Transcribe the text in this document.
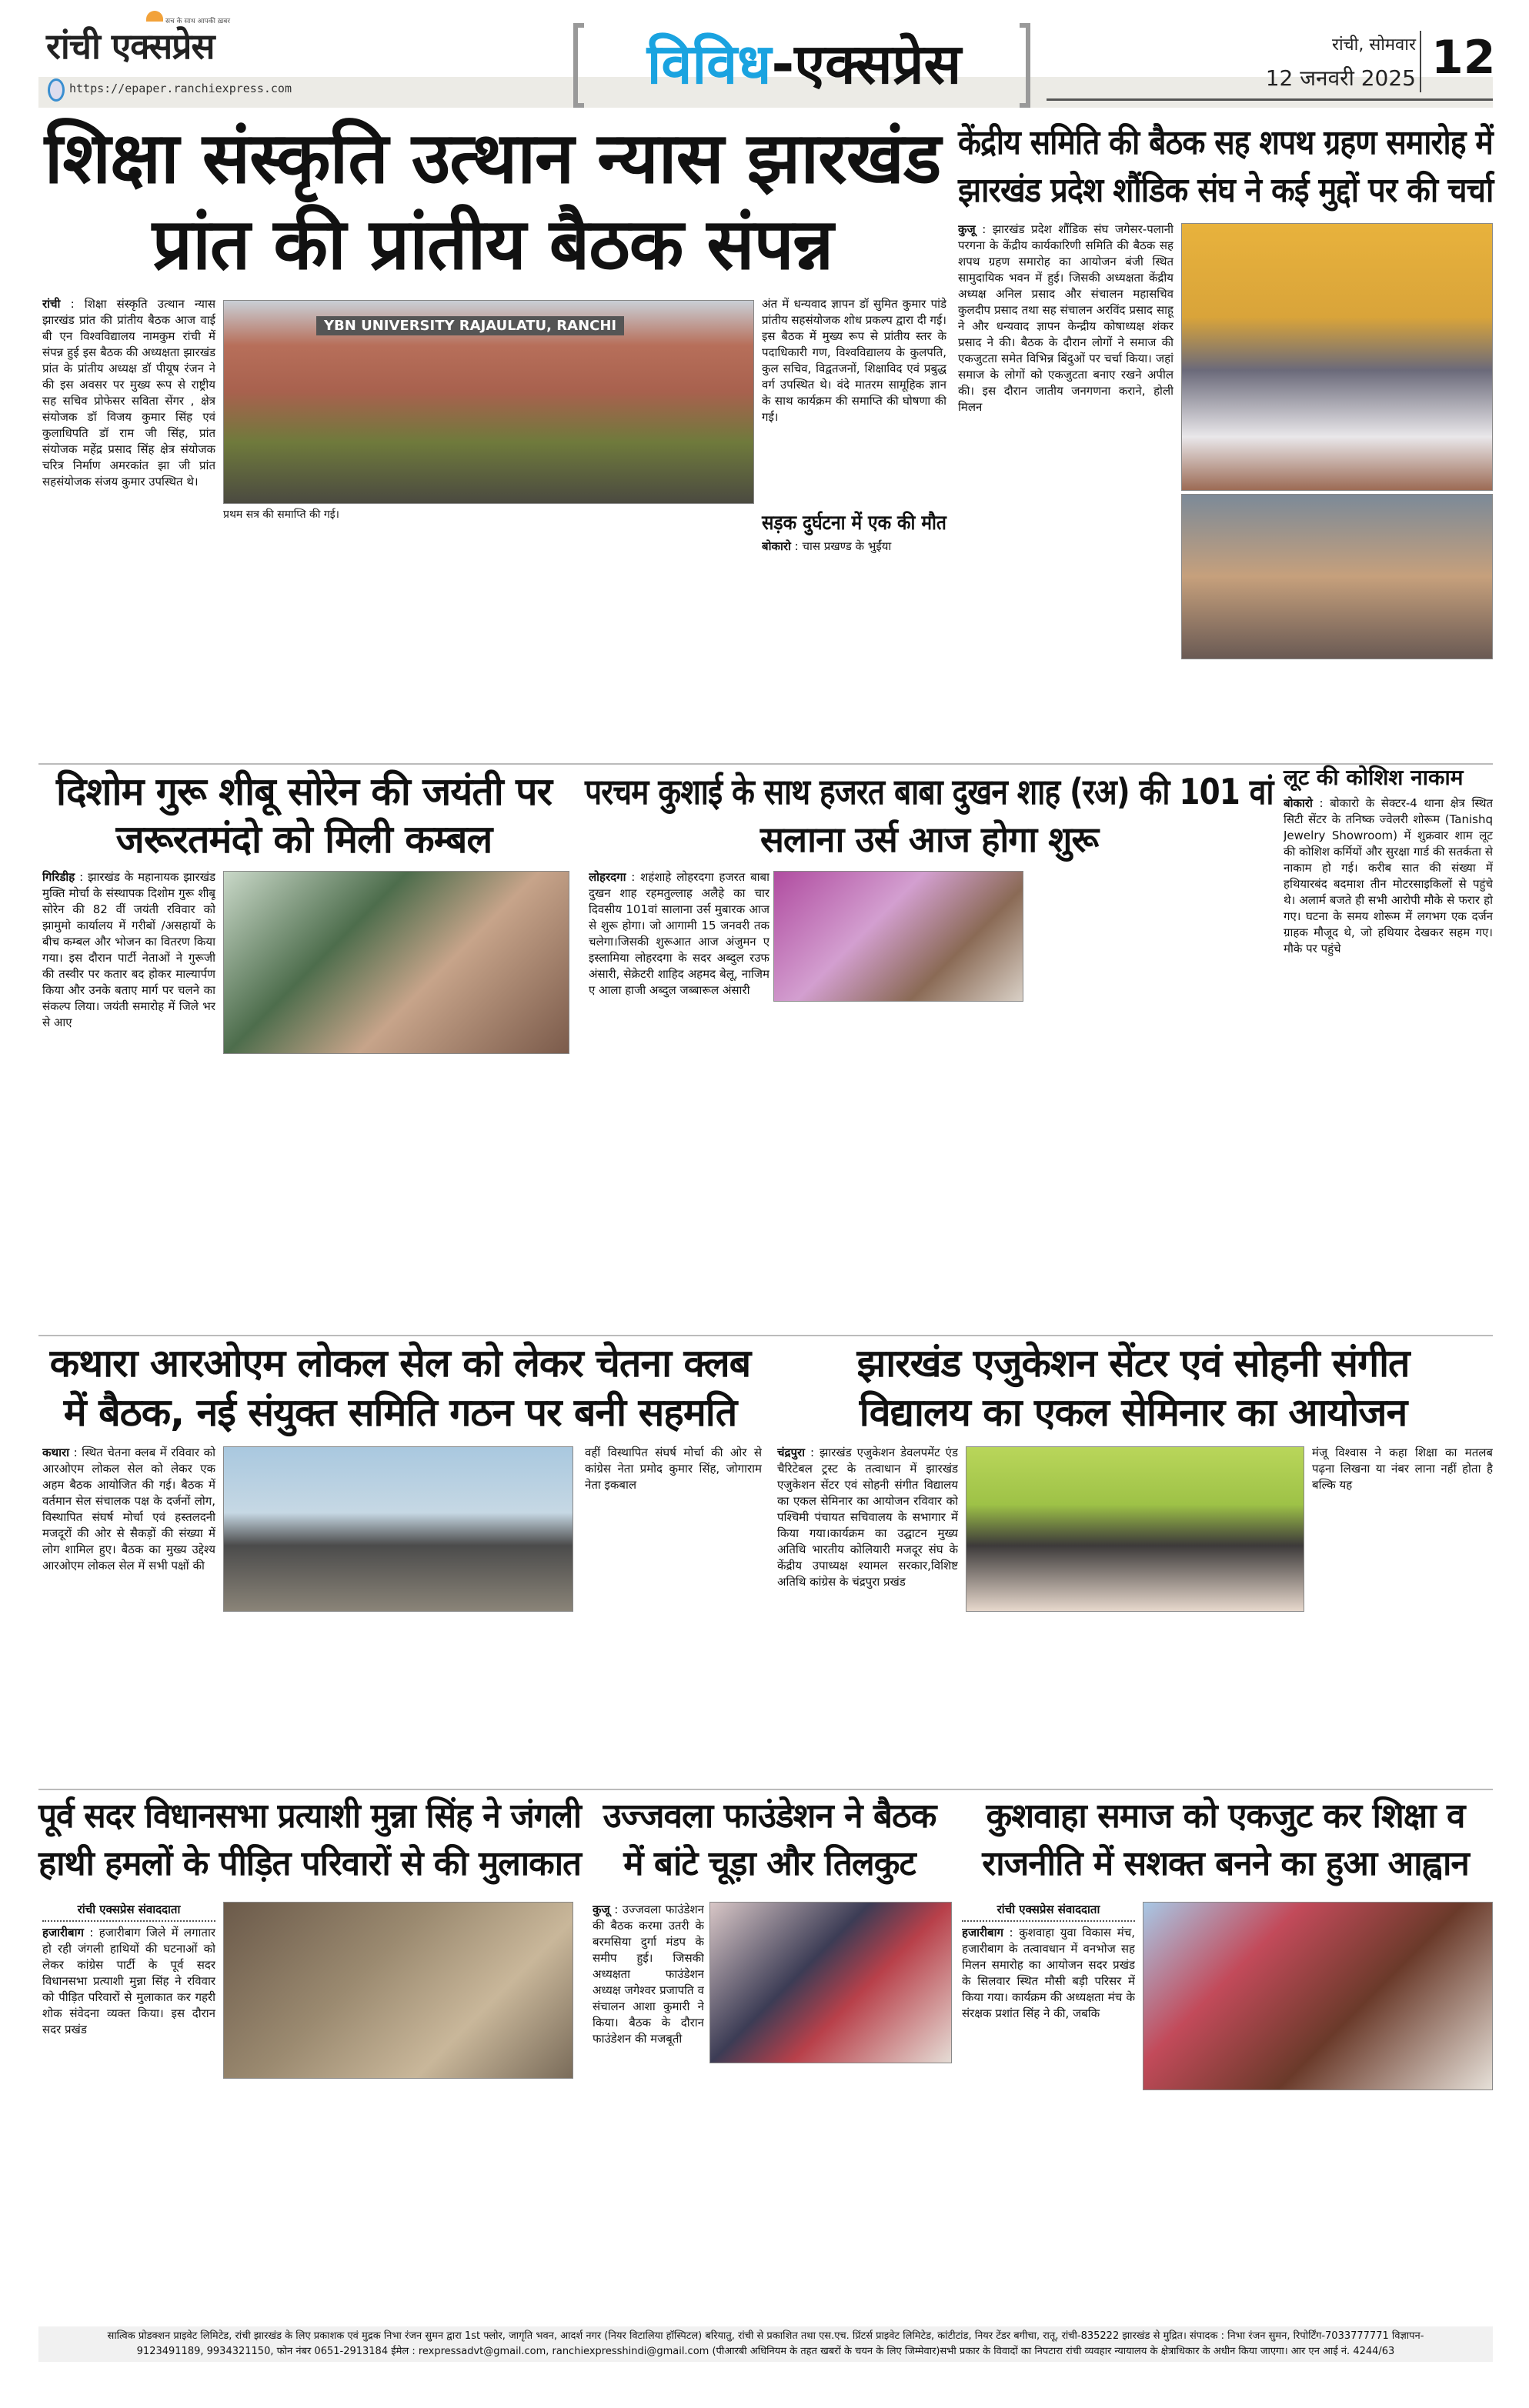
सच के साथ आपकी ख़बर
रांची एक्सप्रेस
https://epaper.ranchiexpress.com	विविध-एक्सप्रेस	रांची, सोमवार
12 जनवरी 2025 12
शिक्षा संस्कृति उत्थान न्यास झारखंड
प्रांत की प्रांतीय बैठक संपन्न
रांची : शिक्षा संस्कृति उत्थान न्यास झारखंड प्रांत की प्रांतीय बैठक आज वाई बी एन विश्वविद्यालय नामकुम रांची में संपन्न हुई इस बैठक की अध्यक्षता झारखंड प्रांत के प्रांतीय अध्यक्ष डॉ पीयूष रंजन ने की इस अवसर पर मुख्य रूप से राष्ट्रीय सह सचिव प्रोफेसर सविता सेंगर , क्षेत्र संयोजक डॉ विजय कुमार सिंह एवं कुलाधिपति डॉ राम जी सिंह, प्रांत संयोजक महेंद्र प्रसाद सिंह क्षेत्र संयोजक चरित्र निर्माण अमरकांत झा जी प्रांत सहसंयोजक संजय कुमार उपस्थित थे।
YBN UNIVERSITY RAJAULATU, RANCHI
प्रथम सत्र की समाप्ति की गई।
अंत में धन्यवाद ज्ञापन डॉ सुमित कुमार पांडे प्रांतीय सहसंयोजक शोध प्रकल्प द्वारा दी गई। इस बैठक में मुख्य रूप से प्रांतीय स्तर के पदाधिकारी गण, विश्वविद्यालय के कुलपति, कुल सचिव, विद्वतजनों, शिक्षाविद एवं प्रबुद्ध वर्ग उपस्थित थे। वंदे मातरम सामूहिक ज्ञान के साथ कार्यक्रम की समाप्ति की घोषणा की गई।
सड़क दुर्घटना में एक की मौत
बोकारो : चास प्रखण्ड के भुईंया
केंद्रीय समिति की बैठक सह शपथ ग्रहण समारोह में
झारखंड प्रदेश शौंडिक संघ ने कई मुद्दों पर की चर्चा
कुजू : झारखंड प्रदेश शौंडिक संघ जगेसर-पलानी परगना के केंद्रीय कार्यकारिणी समिति की बैठक सह शपथ ग्रहण समारोह का आयोजन बंजी स्थित सामुदायिक भवन में हुई। जिसकी अध्यक्षता केंद्रीय अध्यक्ष अनिल प्रसाद और संचालन महासचिव कुलदीप प्रसाद तथा सह संचालन अरविंद प्रसाद साहू ने और धन्यवाद ज्ञापन केन्द्रीय कोषाध्यक्ष शंकर प्रसाद ने की। बैठक के दौरान लोगों ने समाज की एकजुटता समेत विभिन्न बिंदुओं पर चर्चा किया। जहां समाज के लोगों को एकजुटता बनाए रखने अपील की। इस दौरान जातीय जनगणना कराने, होली मिलन
दिशोम गुरू शीबू सोरेन की जयंती पर
जरूरतमंदो को मिली कम्बल
गिरिडीह : झारखंड के महानायक झारखंड मुक्ति मोर्चा के संस्थापक दिशोम गुरू शीबू सोरेन की 82 वीं जयंती रविवार को झामुमो कार्यालय में गरीबों /असहायों के बीच कम्बल और भोजन का वितरण किया गया। इस दौरान पार्टी नेताओं ने गुरूजी की तस्वीर पर कतार बद होकर माल्यार्पण किया और उनके बताए मार्ग पर चलने का संकल्प लिया। जयंती समारोह में जिले भर से आए
परचम कुशाई के साथ हजरत बाबा दुखन शाह (रअ) की 101 वां
सलाना उर्स आज होगा शुरू
लोहरदगा : शहंशाहे लोहरदगा हजरत बाबा दुखन शाह रहमतुल्लाह अलैहे का चार दिवसीय 101वां सालाना उर्स मुबारक आज से शुरू होगा। जो आगामी 15 जनवरी तक चलेगा।जिसकी शुरूआत आज अंजुमन ए इस्लामिया लोहरदगा के सदर अब्दुल रउफ अंसारी, सेक्रेटरी शाहिद अहमद बेलू, नाजिम ए आला हाजी अब्दुल जब्बारूल अंसारी
लूट की कोशिश नाकाम
बोकारो : बोकारो के सेक्टर-4 थाना क्षेत्र स्थित सिटी सेंटर के तनिष्क ज्वेलरी शोरूम (Tanishq Jewelry Showroom) में शुक्रवार शाम लूट की कोशिश कर्मियों और सुरक्षा गार्ड की सतर्कता से नाकाम हो गई। करीब सात की संख्या में हथियारबंद बदमाश तीन मोटरसाइकिलों से पहुंचे थे। अलार्म बजते ही सभी आरोपी मौके से फरार हो गए। घटना के समय शोरूम में लगभग एक दर्जन ग्राहक मौजूद थे, जो हथियार देखकर सहम गए।मौके पर पहुंचे
कथारा आरओएम लोकल सेल को लेकर चेतना क्लब
में बैठक, नई संयुक्त समिति गठन पर बनी सहमति
कथारा : स्थित चेतना क्लब में रविवार को आरओएम लोकल सेल को लेकर एक अहम बैठक आयोजित की गई। बैठक में वर्तमान सेल संचालक पक्ष के दर्जनों लोग, विस्थापित संघर्ष मोर्चा एवं हस्तलदनी मजदूरों की ओर से सैकड़ों की संख्या में लोग शामिल हुए। बैठक का मुख्य उद्देश्य आरओएम लोकल सेल में सभी पक्षों की
वहीं विस्थापित संघर्ष मोर्चा की ओर से कांग्रेस नेता प्रमोद कुमार सिंह, जोगाराम नेता इकबाल
झारखंड एजुकेशन सेंटर एवं सोहनी संगीत
विद्यालय का एकल सेमिनार का आयोजन
चंद्रपुरा : झारखंड एजुकेशन डेवलपमेंट एंड चैरिटेबल ट्रस्ट के तत्वाधान में झारखंड एजुकेशन सेंटर एवं सोहनी संगीत विद्यालय का एकल सेमिनार का आयोजन रविवार को पश्चिमी पंचायत सचिवालय के सभागार में किया गया।कार्यक्रम का उद्घाटन मुख्य अतिथि भारतीय कोलियारी मजदूर संघ के केंद्रीय उपाध्यक्ष श्यामल सरकार,विशिष्ट अतिथि कांग्रेस के चंद्रपुरा प्रखंड
मंजू विश्वास ने कहा शिक्षा का मतलब पढ़ना लिखना या नंबर लाना नहीं होता है बल्कि यह
पूर्व सदर विधानसभा प्रत्याशी मुन्ना सिंह ने जंगली
हाथी हमलों के पीड़ित परिवारों से की मुलाकात
रांची एक्सप्रेस संवाददाता
हजारीबाग : हजारीबाग जिले में लगातार हो रही जंगली हाथियों की घटनाओं को लेकर कांग्रेस पार्टी के पूर्व सदर विधानसभा प्रत्याशी मुन्ना सिंह ने रविवार को पीड़ित परिवारों से मुलाकात कर गहरी शोक संवेदना व्यक्त किया। इस दौरान सदर प्रखंड
उज्जवला फाउंडेशन ने बैठक
में बांटे चूड़ा और तिलकुट
कुजू : उज्जवला फाउंडेशन की बैठक करमा उतरी के बरमसिया दुर्गा मंडप के समीप हुई। जिसकी अध्यक्षता फाउंडेशन अध्यक्ष जगेश्वर प्रजापति व संचालन आशा कुमारी ने किया। बैठक के दौरान फाउंडेशन की मजबूती
कुशवाहा समाज को एकजुट कर शिक्षा व
राजनीति में सशक्त बनने का हुआ आह्वान
रांची एक्सप्रेस संवाददाता
हजारीबाग : कुशवाहा युवा विकास मंच, हजारीबाग के तत्वावधान में वनभोज सह मिलन समारोह का आयोजन सदर प्रखंड के सिलवार स्थित मौसी बड़ी परिसर में किया गया। कार्यक्रम की अध्यक्षता मंच के संरक्षक प्रशांत सिंह ने की, जबकि
सात्विक प्रोडक्शन प्राइवेट लिमिटेड, रांची झारखंड के लिए प्रकाशक एवं मुद्रक निभा रंजन सुमन द्वारा 1st फ्लोर, जागृति भवन, आदर्श नगर (नियर विटालिया हॉस्पिटल) बरियातु, रांची से प्रकाशित तथा एस.एच. प्रिंटर्स प्राइवेट लिमिटेड, कांटीटांड, नियर टेंडर बगीचा, रातू, रांची-835222 झारखंड से मुद्रित। संपादक : निभा रंजन सुमन, रिपोर्टिंग-7033777771 विज्ञापन-
9123491189, 9934321150, फोन नंबर 0651-2913184 ईमेल : rexpressadvt@gmail.com, ranchiexpresshindi@gmail.com (पीआरबी अधिनियम के तहत खबरों के चयन के लिए जिम्मेवार)सभी प्रकार के विवादों का निपटारा रांची व्यवहार न्यायालय के क्षेत्राधिकार के अधीन किया जाएगा। आर एन आई नं. 4244/63
